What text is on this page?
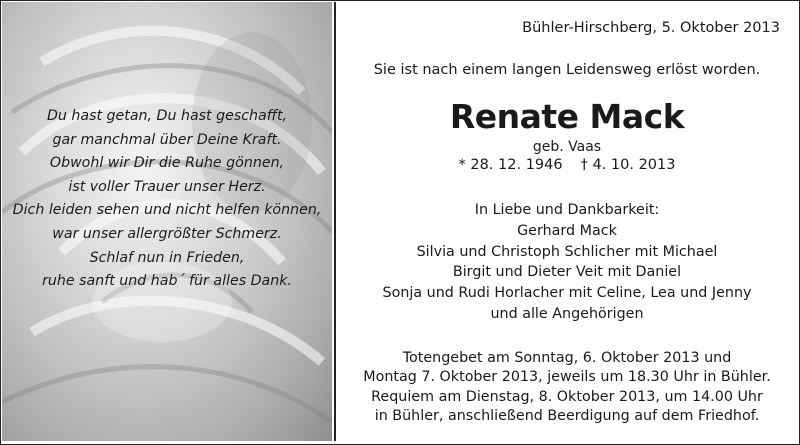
Du hast getan, Du hast geschafft,
gar manchmal über Deine Kraft.
Obwohl wir Dir die Ruhe gönnen,
ist voller Trauer unser Herz.
Dich leiden sehen und nicht helfen können,
war unser allergrößter Schmerz.
Schlaf nun in Frieden,
ruhe sanft und hab´ für alles Dank.
Bühler-Hirschberg, 5. Oktober 2013
Sie ist nach einem langen Leidensweg erlöst worden.
Renate Mack
geb. Vaas
* 28. 12. 1946 † 4. 10. 2013
In Liebe und Dankbarkeit:
Gerhard Mack
Silvia und Christoph Schlicher mit Michael
Birgit und Dieter Veit mit Daniel
Sonja und Rudi Horlacher mit Celine, Lea und Jenny
und alle Angehörigen
Totengebet am Sonntag, 6. Oktober 2013 und
Montag 7. Oktober 2013, jeweils um 18.30 Uhr in Bühler.
Requiem am Dienstag, 8. Oktober 2013, um 14.00 Uhr
in Bühler, anschließend Beerdigung auf dem Friedhof.
